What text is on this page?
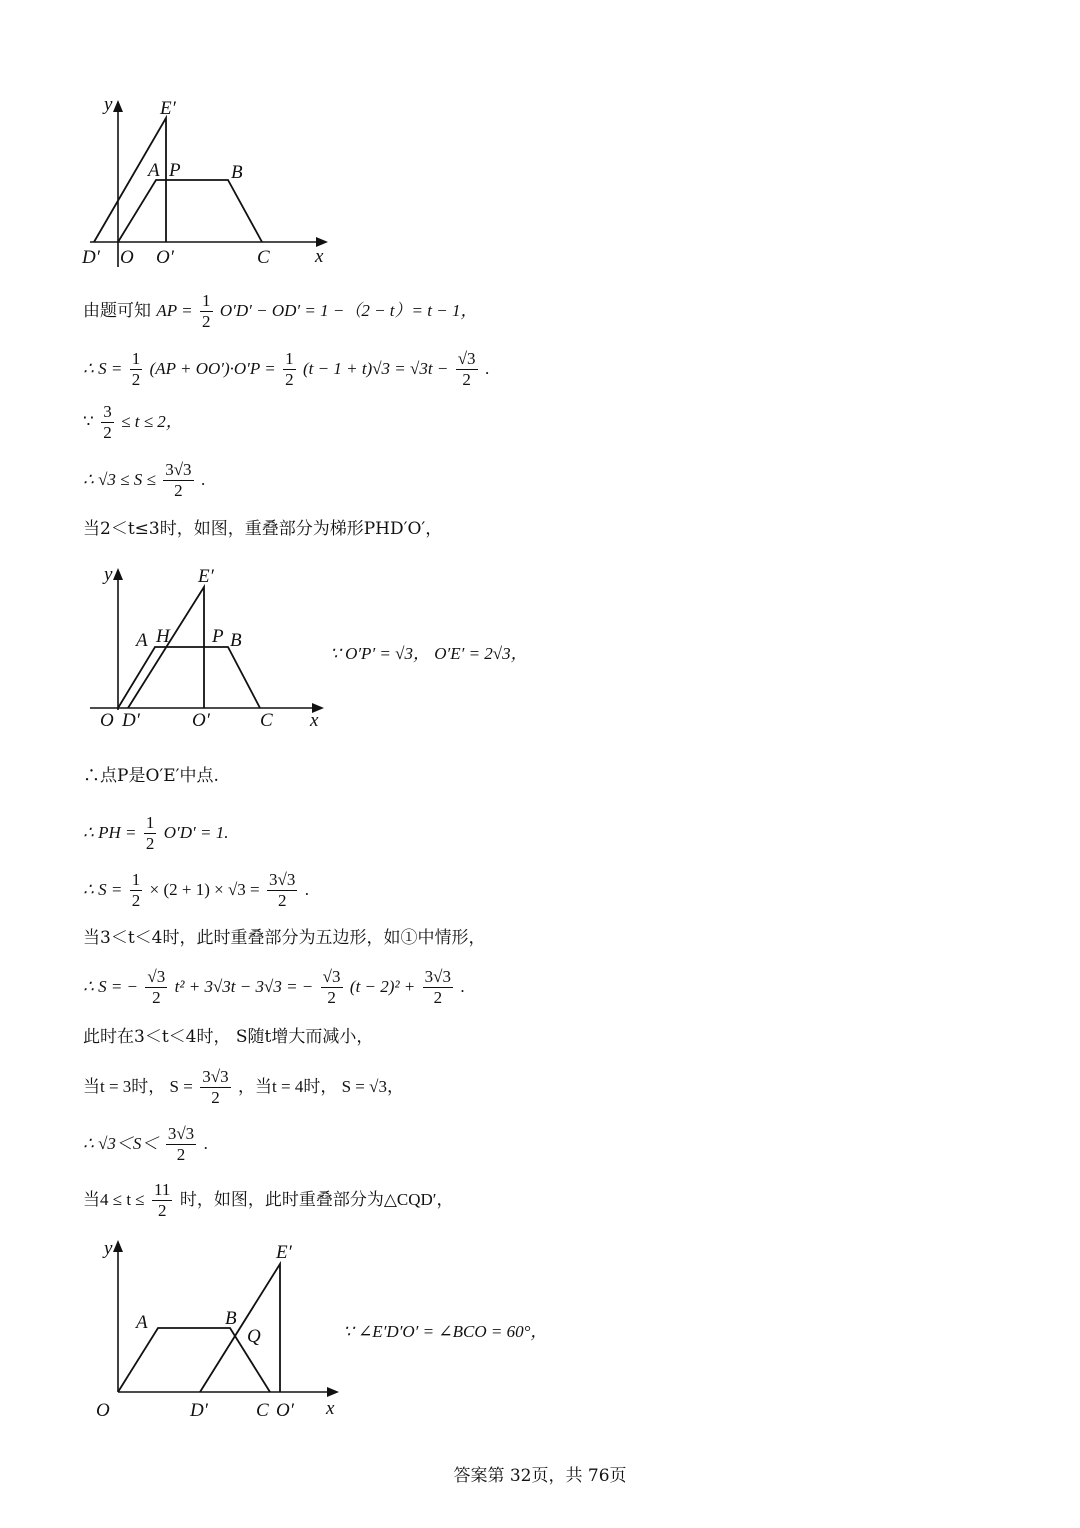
y
x
E′
A P	B
D′ O O′	C
由题可知 AP = $\frac{1}{2} O'D' - OD' = 1 -(2 - t)= t - 1$，
∴ $S = \frac{1}{2} (AP + OO')\cdot O'P = \frac{1}{2} (t - 1 + t)√3 = √3t - \frac{√3}{2}$ .
∵ $\frac{3}{2} \le t \le 2$，
∴ $√3 \le S \le \frac{3√3}{2}$ .
当2＜t≤3时，如图，重叠部分为梯形PHD′O′，
y
x
E′
A H P B
O D′	O′	C
∵ O′P′ = √3， O′E′ = 2√3，
∴点P是O′E′中点.
∴ PH = $\frac{1}{2} O'D' = 1$.
∴ $S = \frac{1}{2} \times (2 + 1) \times √3 = \frac{3√3}{2}$ .
当3＜t＜4时，此时重叠部分为五边形，如①中情形，
∴ S = − $\frac{√3}{2} t^2 + 3√3t - 3√3$ = − $\frac{√3}{2} (t - 2)^2 + \frac{3√3}{2}$ .
此时在3＜t＜4时， S随t增大而减小，
当t = 3时， $S = \frac{3√3}{2}$ ，当t = 4时， S = √3，
∴ $√3<S< \frac{3√3}{2}$ .
当$4 \le t \le \frac{11}{2}$ 时，如图，此时重叠部分为△CQD′，
y
x
E′
A	B
Q
O	D′	C O′
∵ ∠E′D′O′ = ∠BCO = 60°，
答案第 32页，共 76页
